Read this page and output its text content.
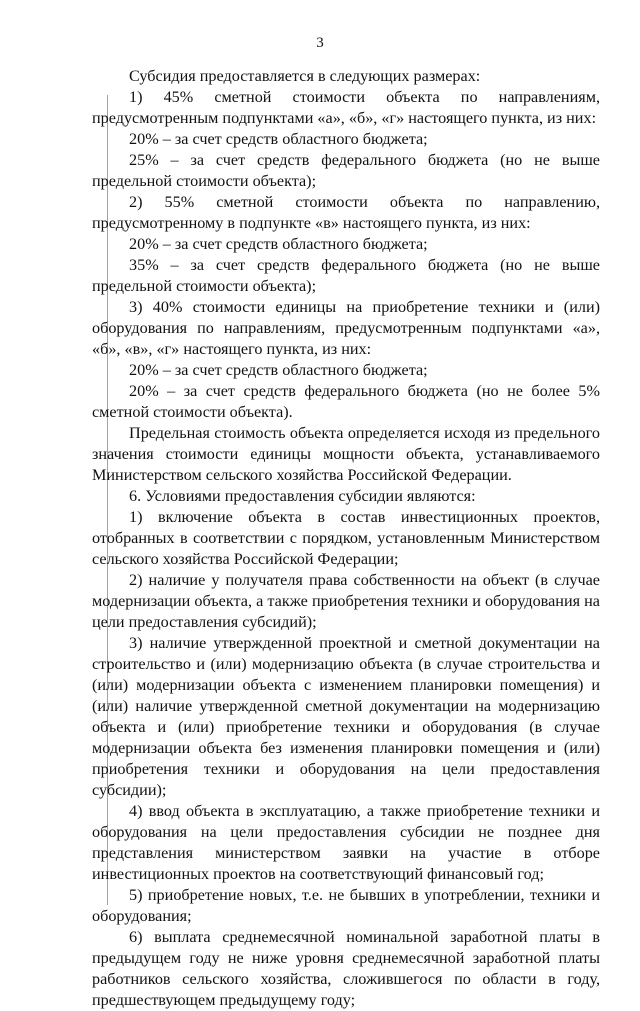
3

Субсидия предоставляется в следующих размерах:

1) 45% сметной стоимости объекта по направлениям, предусмотренным подпунктами «а», «б», «г» настоящего пункта, из них:

20% – за счет средств областного бюджета;

25% – за счет средств федерального бюджета (но не выше предельной стоимости объекта);

2) 55% сметной стоимости объекта по направлению, предусмотренному в подпункте «в» настоящего пункта, из них:

20% – за счет средств областного бюджета;

35% – за счет средств федерального бюджета (но не выше предельной стоимости объекта);

3) 40% стоимости единицы на приобретение техники и (или) оборудования по направлениям, предусмотренным подпунктами «а», «б», «в», «г» настоящего пункта, из них:

20% – за счет средств областного бюджета;

20% – за счет средств федерального бюджета (но не более 5% сметной стоимости объекта).

Предельная стоимость объекта определяется исходя из предельного значения стоимости единицы мощности объекта, устанавливаемого Министерством сельского хозяйства Российской Федерации.

6. Условиями предоставления субсидии являются:

1) включение объекта в состав инвестиционных проектов, отобранных в соответствии с порядком, установленным Министерством сельского хозяйства Российской Федерации;

2) наличие у получателя права собственности на объект (в случае модернизации объекта, а также приобретения техники и оборудования на цели предоставления субсидий);

3) наличие утвержденной проектной и сметной документации на строительство и (или) модернизацию объекта (в случае строительства и (или) модернизации объекта с изменением планировки помещения) и (или) наличие утвержденной сметной документации на модернизацию объекта и (или) приобретение техники и оборудования (в случае модернизации объекта без изменения планировки помещения и (или) приобретения техники и оборудования на цели предоставления субсидии);

4) ввод объекта в эксплуатацию, а также приобретение техники и оборудования на цели предоставления субсидии не позднее дня представления министерством заявки на участие в отборе инвестиционных проектов на соответствующий финансовый год;

5) приобретение новых, т.е. не бывших в употреблении, техники и оборудования;

6) выплата среднемесячной номинальной заработной платы в предыдущем году не ниже уровня среднемесячной заработной платы работников сельского хозяйства, сложившегося по области в году, предшествующем предыдущему году;
